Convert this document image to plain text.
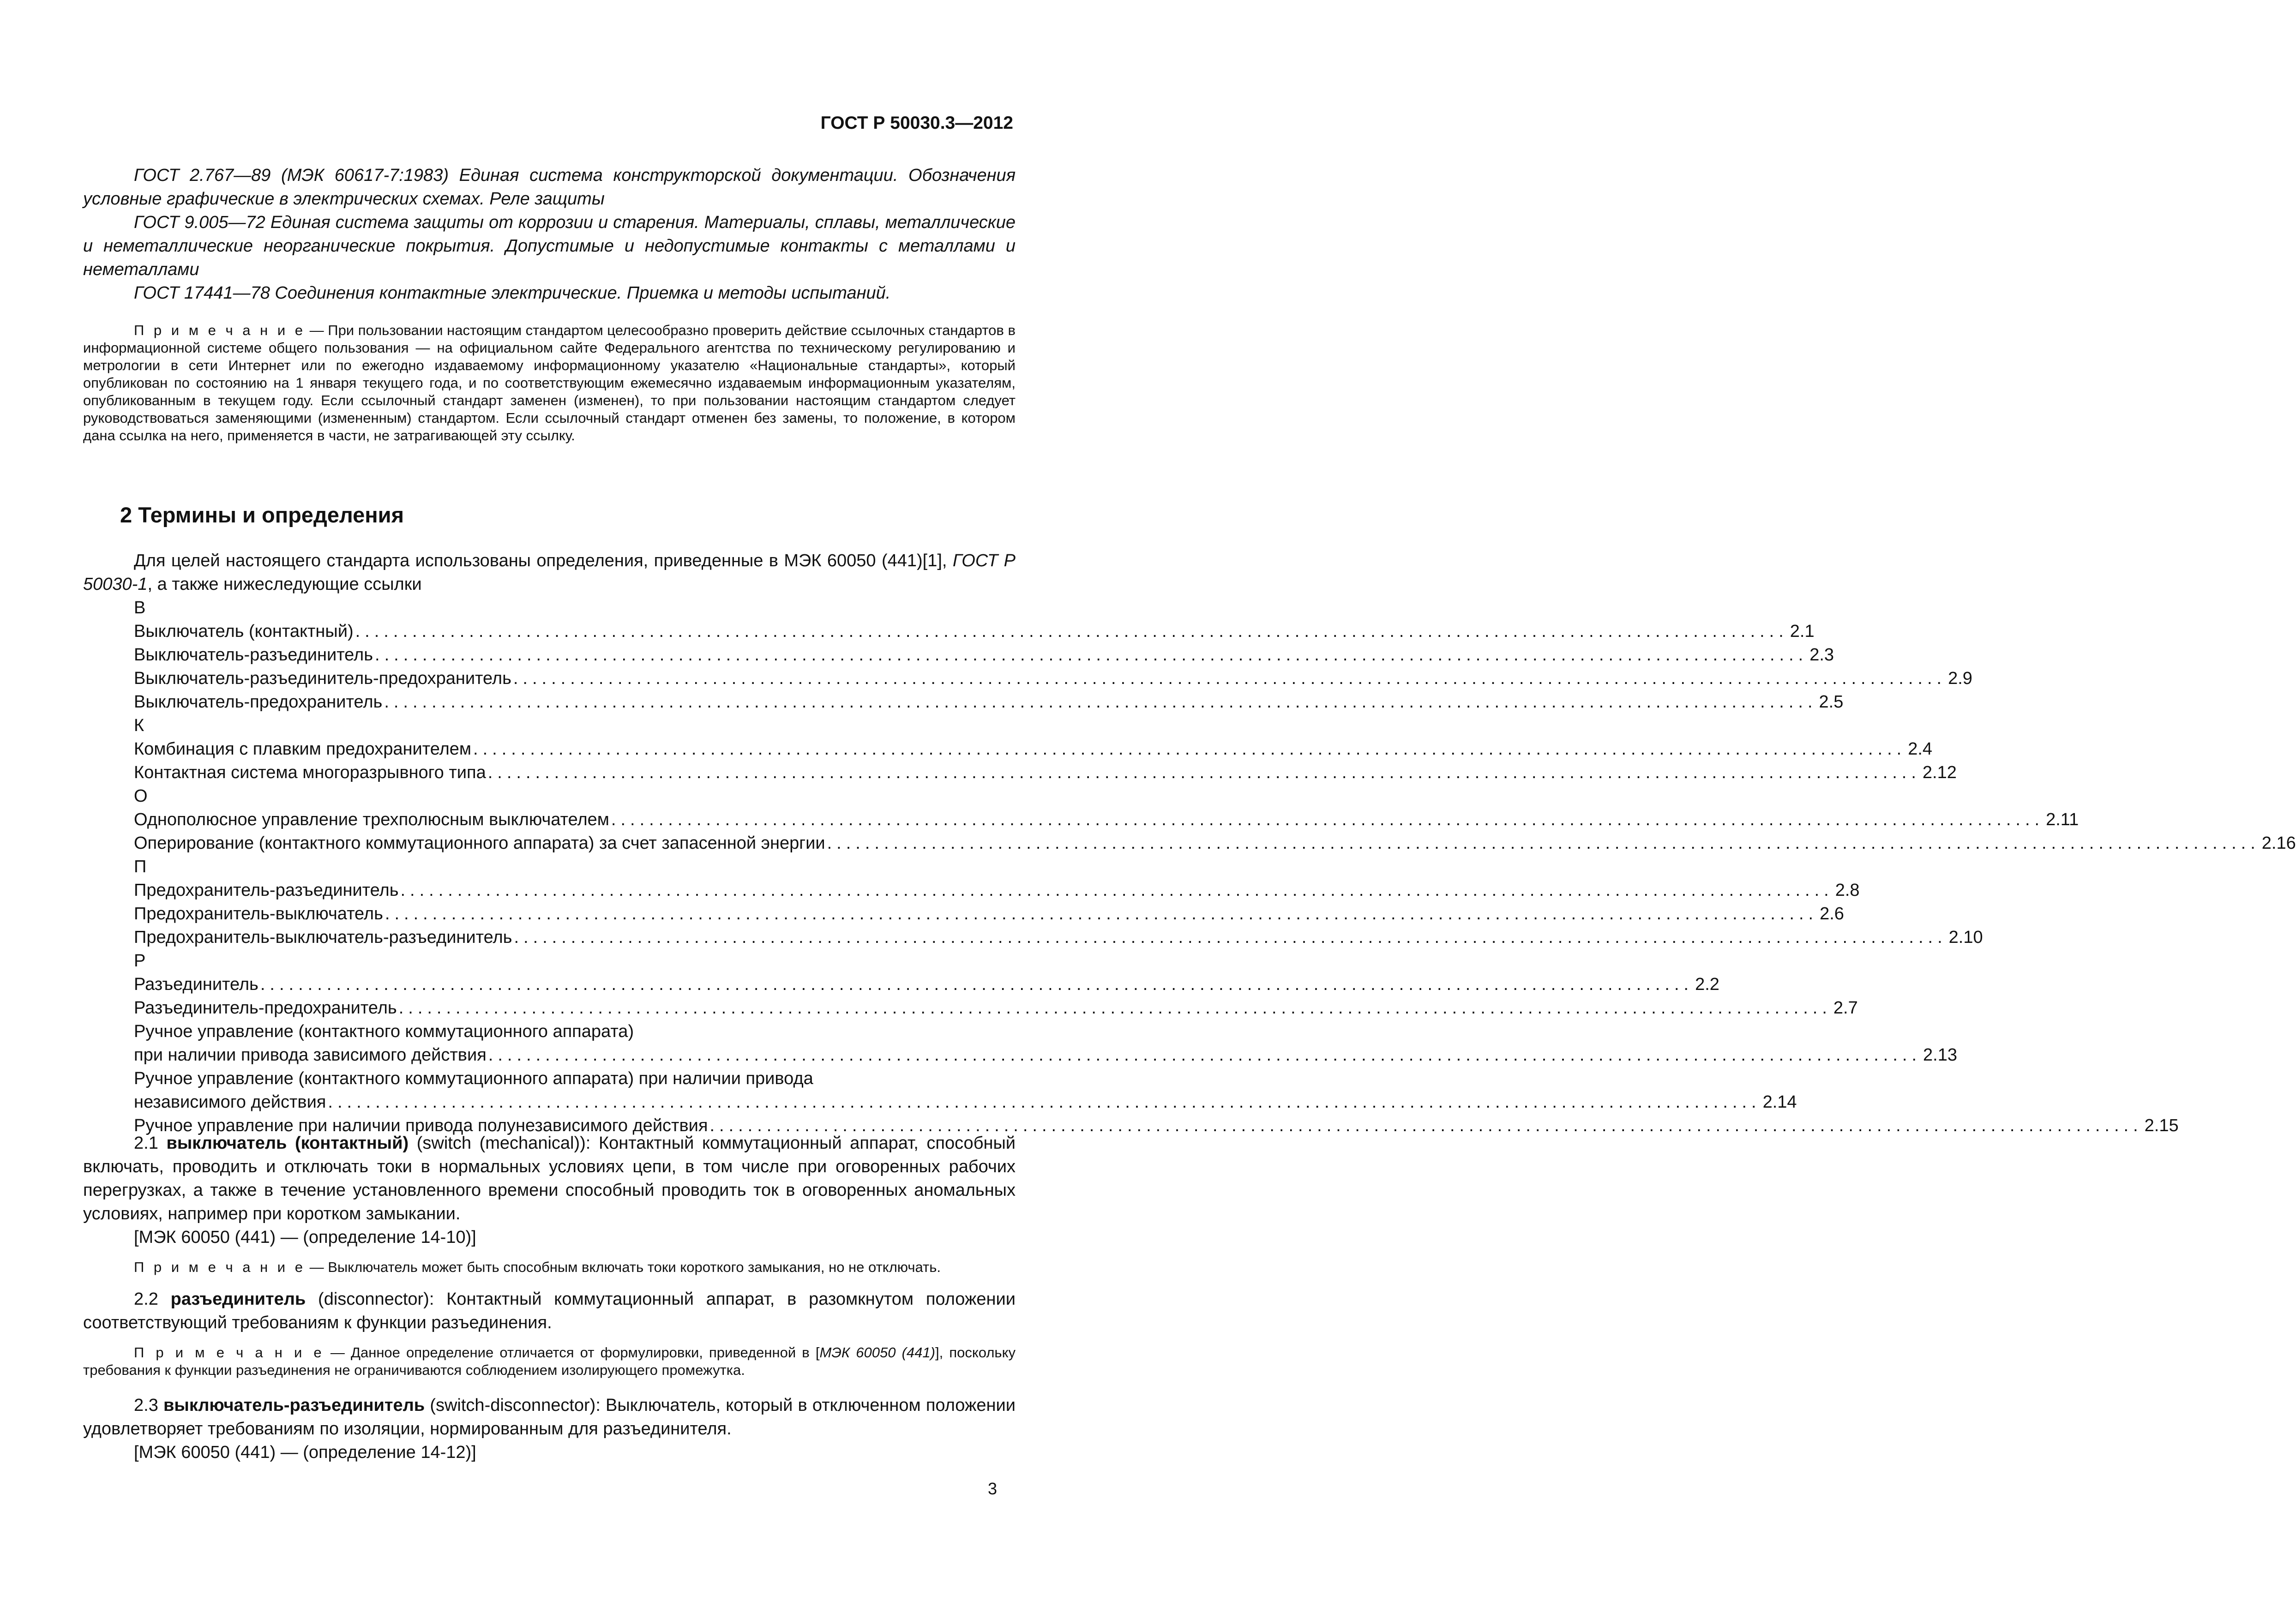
ГОСТ Р 50030.3—2012

ГОСТ 2.767—89 (МЭК 60617-7:1983) Единая система конструкторской документации. Обозначения условные графические в электрических схемах. Реле защиты

ГОСТ 9.005—72 Единая система защиты от коррозии и старения. Материалы, сплавы, металлические и неметаллические неорганические покрытия. Допустимые и недопустимые контакты с металлами и неметаллами

ГОСТ 17441—78 Соединения контактные электрические. Приемка и методы испытаний.

П р и м е ч а н и е — При пользовании настоящим стандартом целесообразно проверить действие ссылочных стандартов в информационной системе общего пользования — на официальном сайте Федерального агентства по техническому регулированию и метрологии в сети Интернет или по ежегодно издаваемому информационному указателю «Национальные стандарты», который опубликован по состоянию на 1 января текущего года, и по соответствующим ежемесячно издаваемым информационным указателям, опубликованным в текущем году. Если ссылочный стандарт заменен (изменен), то при пользовании настоящим стандартом следует руководствоваться заменяющими (измененным) стандартом. Если ссылочный стандарт отменен без замены, то положение, в котором дана ссылка на него, применяется в части, не затрагивающей эту ссылку.

2 Термины и определения

Для целей настоящего стандарта использованы определения, приведенные в МЭК 60050 (441)[1], ГОСТ Р 50030-1, а также нижеследующие ссылки

В
Выключатель (контактный) ....................................................................................................................................................... 2.1
Выключатель-разъединитель ....................................................................................................................................................... 2.3
Выключатель-разъединитель-предохранитель ....................................................................................................................................................... 2.9
Выключатель-предохранитель ....................................................................................................................................................... 2.5
К
Комбинация с плавким предохранителем ....................................................................................................................................................... 2.4
Контактная система многоразрывного типа ....................................................................................................................................................... 2.12
О
Однополюсное управление трехполюсным выключателем ....................................................................................................................................................... 2.11
Оперирование (контактного коммутационного аппарата) за счет запасенной энергии ....................................................................................................................................................... 2.16
П
Предохранитель-разъединитель ....................................................................................................................................................... 2.8
Предохранитель-выключатель ....................................................................................................................................................... 2.6
Предохранитель-выключатель-разъединитель ....................................................................................................................................................... 2.10
Р
Разъединитель ....................................................................................................................................................... 2.2
Разъединитель-предохранитель ....................................................................................................................................................... 2.7
Ручное управление (контактного коммутационного аппарата)
при наличии привода зависимого действия ....................................................................................................................................................... 2.13
Ручное управление (контактного коммутационного аппарата) при наличии привода
независимого действия ....................................................................................................................................................... 2.14
Ручное управление при наличии привода полунезависимого действия ....................................................................................................................................................... 2.15

2.1 выключатель (контактный) (switch (mechanical)): Контактный коммутационный аппарат, способный включать, проводить и отключать токи в нормальных условиях цепи, в том числе при оговоренных рабочих перегрузках, а также в течение установленного времени способный проводить ток в оговоренных аномальных условиях, например при коротком замыкании.

[МЭК 60050 (441) — (определение 14-10)]

П р и м е ч а н и е — Выключатель может быть способным включать токи короткого замыкания, но не отключать.

2.2 разъединитель (disconnector): Контактный коммутационный аппарат, в разомкнутом положении соответствующий требованиям к функции разъединения.

П р и м е ч а н и е — Данное определение отличается от формулировки, приведенной в [МЭК 60050 (441)], поскольку требования к функции разъединения не ограничиваются соблюдением изолирующего промежутка.

2.3 выключатель-разъединитель (switch-disconnector): Выключатель, который в отключенном положении удовлетворяет требованиям по изоляции, нормированным для разъединителя.

[МЭК 60050 (441) — (определение 14-12)]

3
